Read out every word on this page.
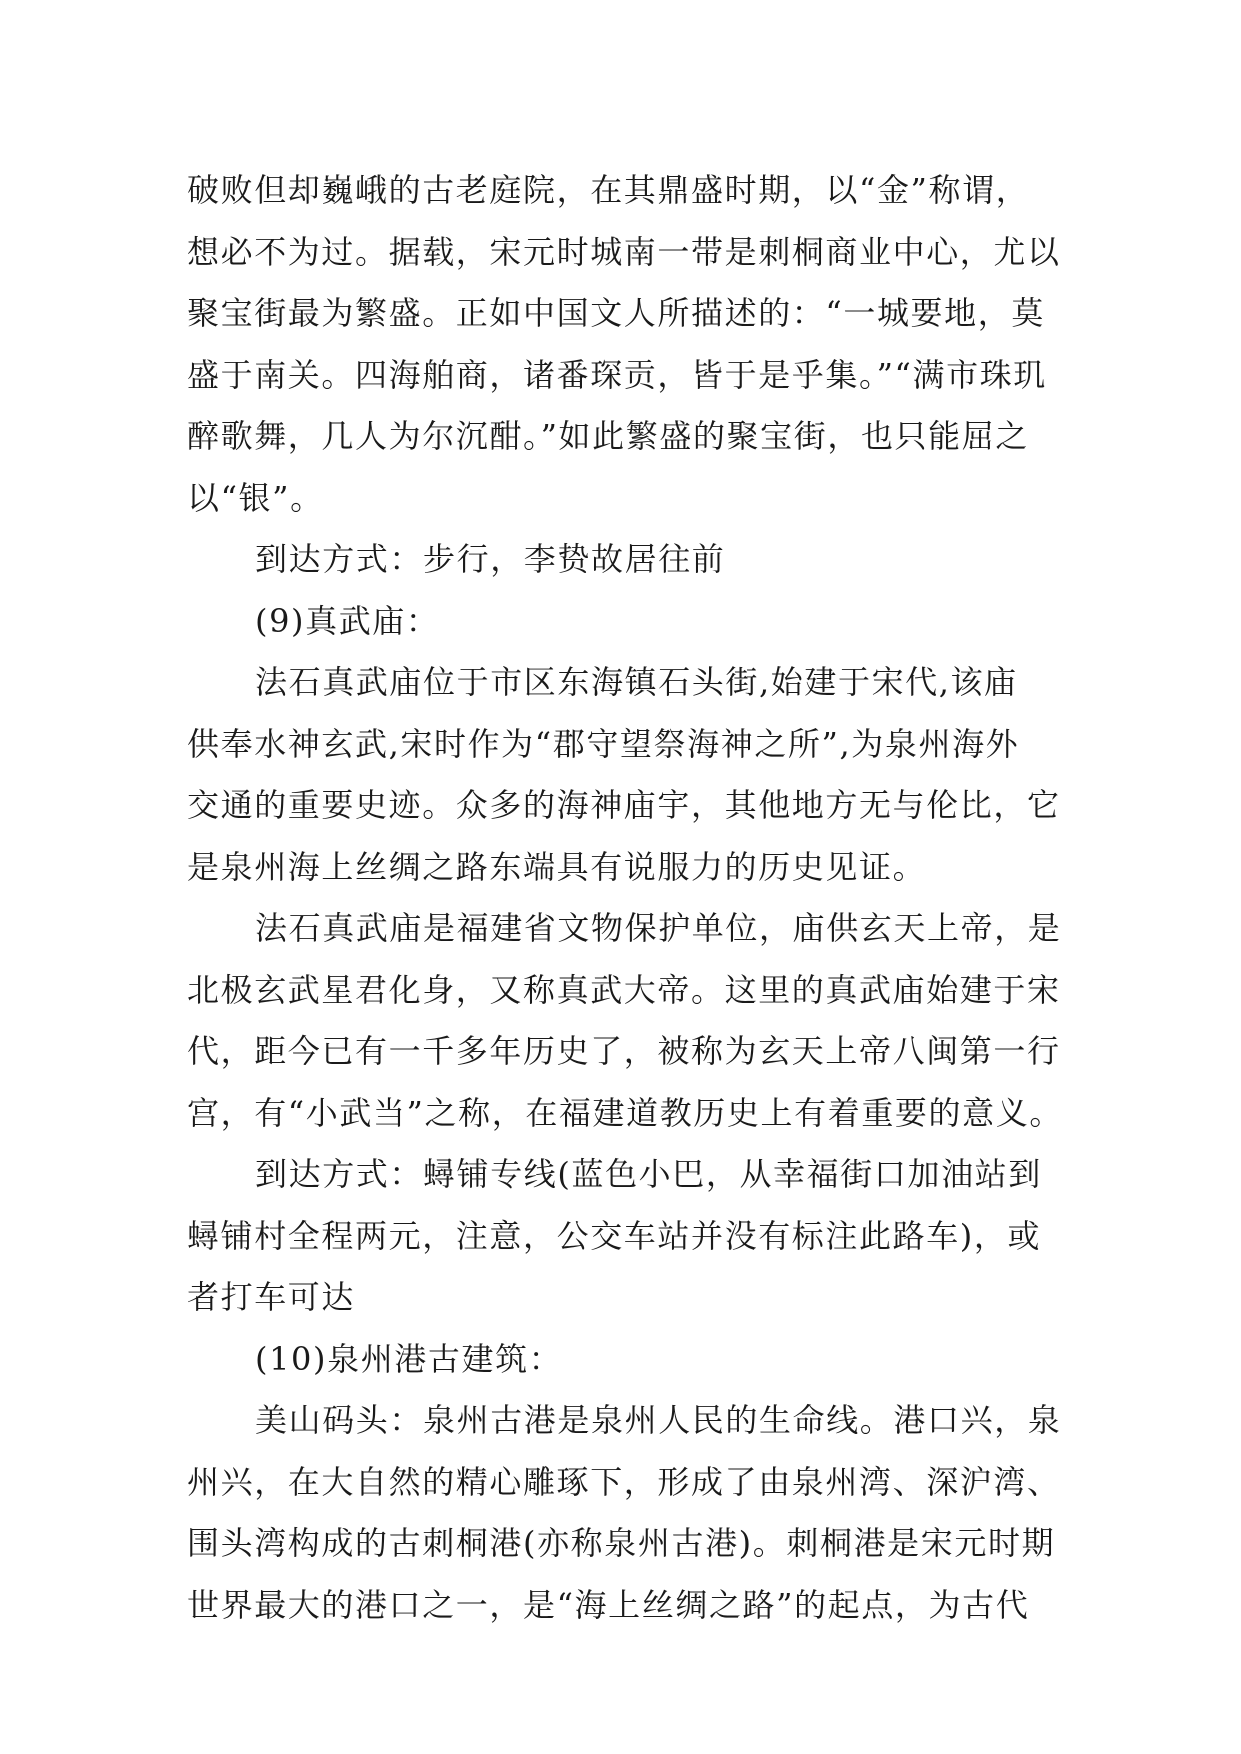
破败但却巍峨的古老庭院，在其鼎盛时期，以“金”称谓，
想必不为过。据载，宋元时城南一带是刺桐商业中心，尤以
聚宝街最为繁盛。正如中国文人所描述的：“一城要地，莫
盛于南关。四海舶商，诸番琛贡，皆于是乎集。”“满市珠玑
醉歌舞，几人为尔沉酣。”如此繁盛的聚宝街，也只能屈之
以“银”。
到达方式：步行，李贽故居往前
(9)真武庙：
法石真武庙位于市区东海镇石头街,始建于宋代,该庙
供奉水神玄武,宋时作为“郡守望祭海神之所”,为泉州海外
交通的重要史迹。众多的海神庙宇，其他地方无与伦比，它
是泉州海上丝绸之路东端具有说服力的历史见证。
法石真武庙是福建省文物保护单位，庙供玄天上帝，是
北极玄武星君化身，又称真武大帝。这里的真武庙始建于宋
代，距今已有一千多年历史了，被称为玄天上帝八闽第一行
宫，有“小武当”之称，在福建道教历史上有着重要的意义。
到达方式：蟳铺专线(蓝色小巴，从幸福街口加油站到
蟳铺村全程两元，注意，公交车站并没有标注此路车)，或
者打车可达
(10)泉州港古建筑：
美山码头：泉州古港是泉州人民的生命线。港口兴，泉
州兴，在大自然的精心雕琢下，形成了由泉州湾、深沪湾、
围头湾构成的古刺桐港(亦称泉州古港)。刺桐港是宋元时期
世界最大的港口之一，是“海上丝绸之路”的起点，为古代
